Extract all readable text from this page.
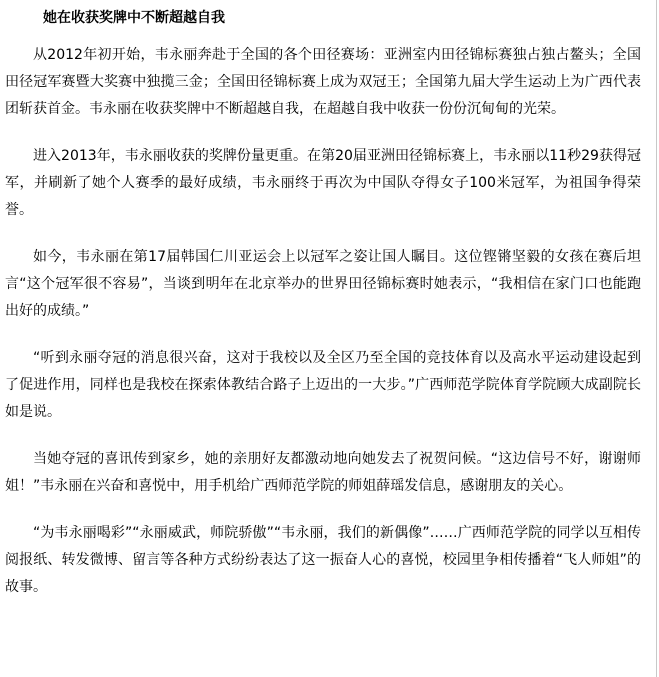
她在收获奖牌中不断超越自我

从2012年初开始，韦永丽奔赴于全国的各个田径赛场：亚洲室内田径锦标赛独占独占鳌头；全国田径冠军赛暨大奖赛中独揽三金；全国田径锦标赛上成为双冠王；全国第九届大学生运动上为广西代表团斩获首金。韦永丽在收获奖牌中不断超越自我，在超越自我中收获一份份沉甸甸的光荣。

进入2013年，韦永丽收获的奖牌份量更重。在第20届亚洲田径锦标赛上，韦永丽以11秒29获得冠军，并刷新了她个人赛季的最好成绩，韦永丽终于再次为中国队夺得女子100米冠军，为祖国争得荣誉。

如今，韦永丽在第17届韩国仁川亚运会上以冠军之姿让国人瞩目。这位铿锵坚毅的女孩在赛后坦言“这个冠军很不容易”，当谈到明年在北京举办的世界田径锦标赛时她表示，“我相信在家门口也能跑出好的成绩。”

“听到永丽夺冠的消息很兴奋，这对于我校以及全区乃至全国的竞技体育以及高水平运动建设起到了促进作用，同样也是我校在探索体教结合路子上迈出的一大步。”广西师范学院体育学院顾大成副院长如是说。

当她夺冠的喜讯传到家乡，她的亲朋好友都激动地向她发去了祝贺问候。“这边信号不好，谢谢师姐！”韦永丽在兴奋和喜悦中，用手机给广西师范学院的师姐薛瑶发信息，感谢朋友的关心。

“为韦永丽喝彩”“永丽威武，师院骄傲”“韦永丽，我们的新偶像”……广西师范学院的同学以互相传阅报纸、转发微博、留言等各种方式纷纷表达了这一振奋人心的喜悦，校园里争相传播着“飞人师姐”的故事。
